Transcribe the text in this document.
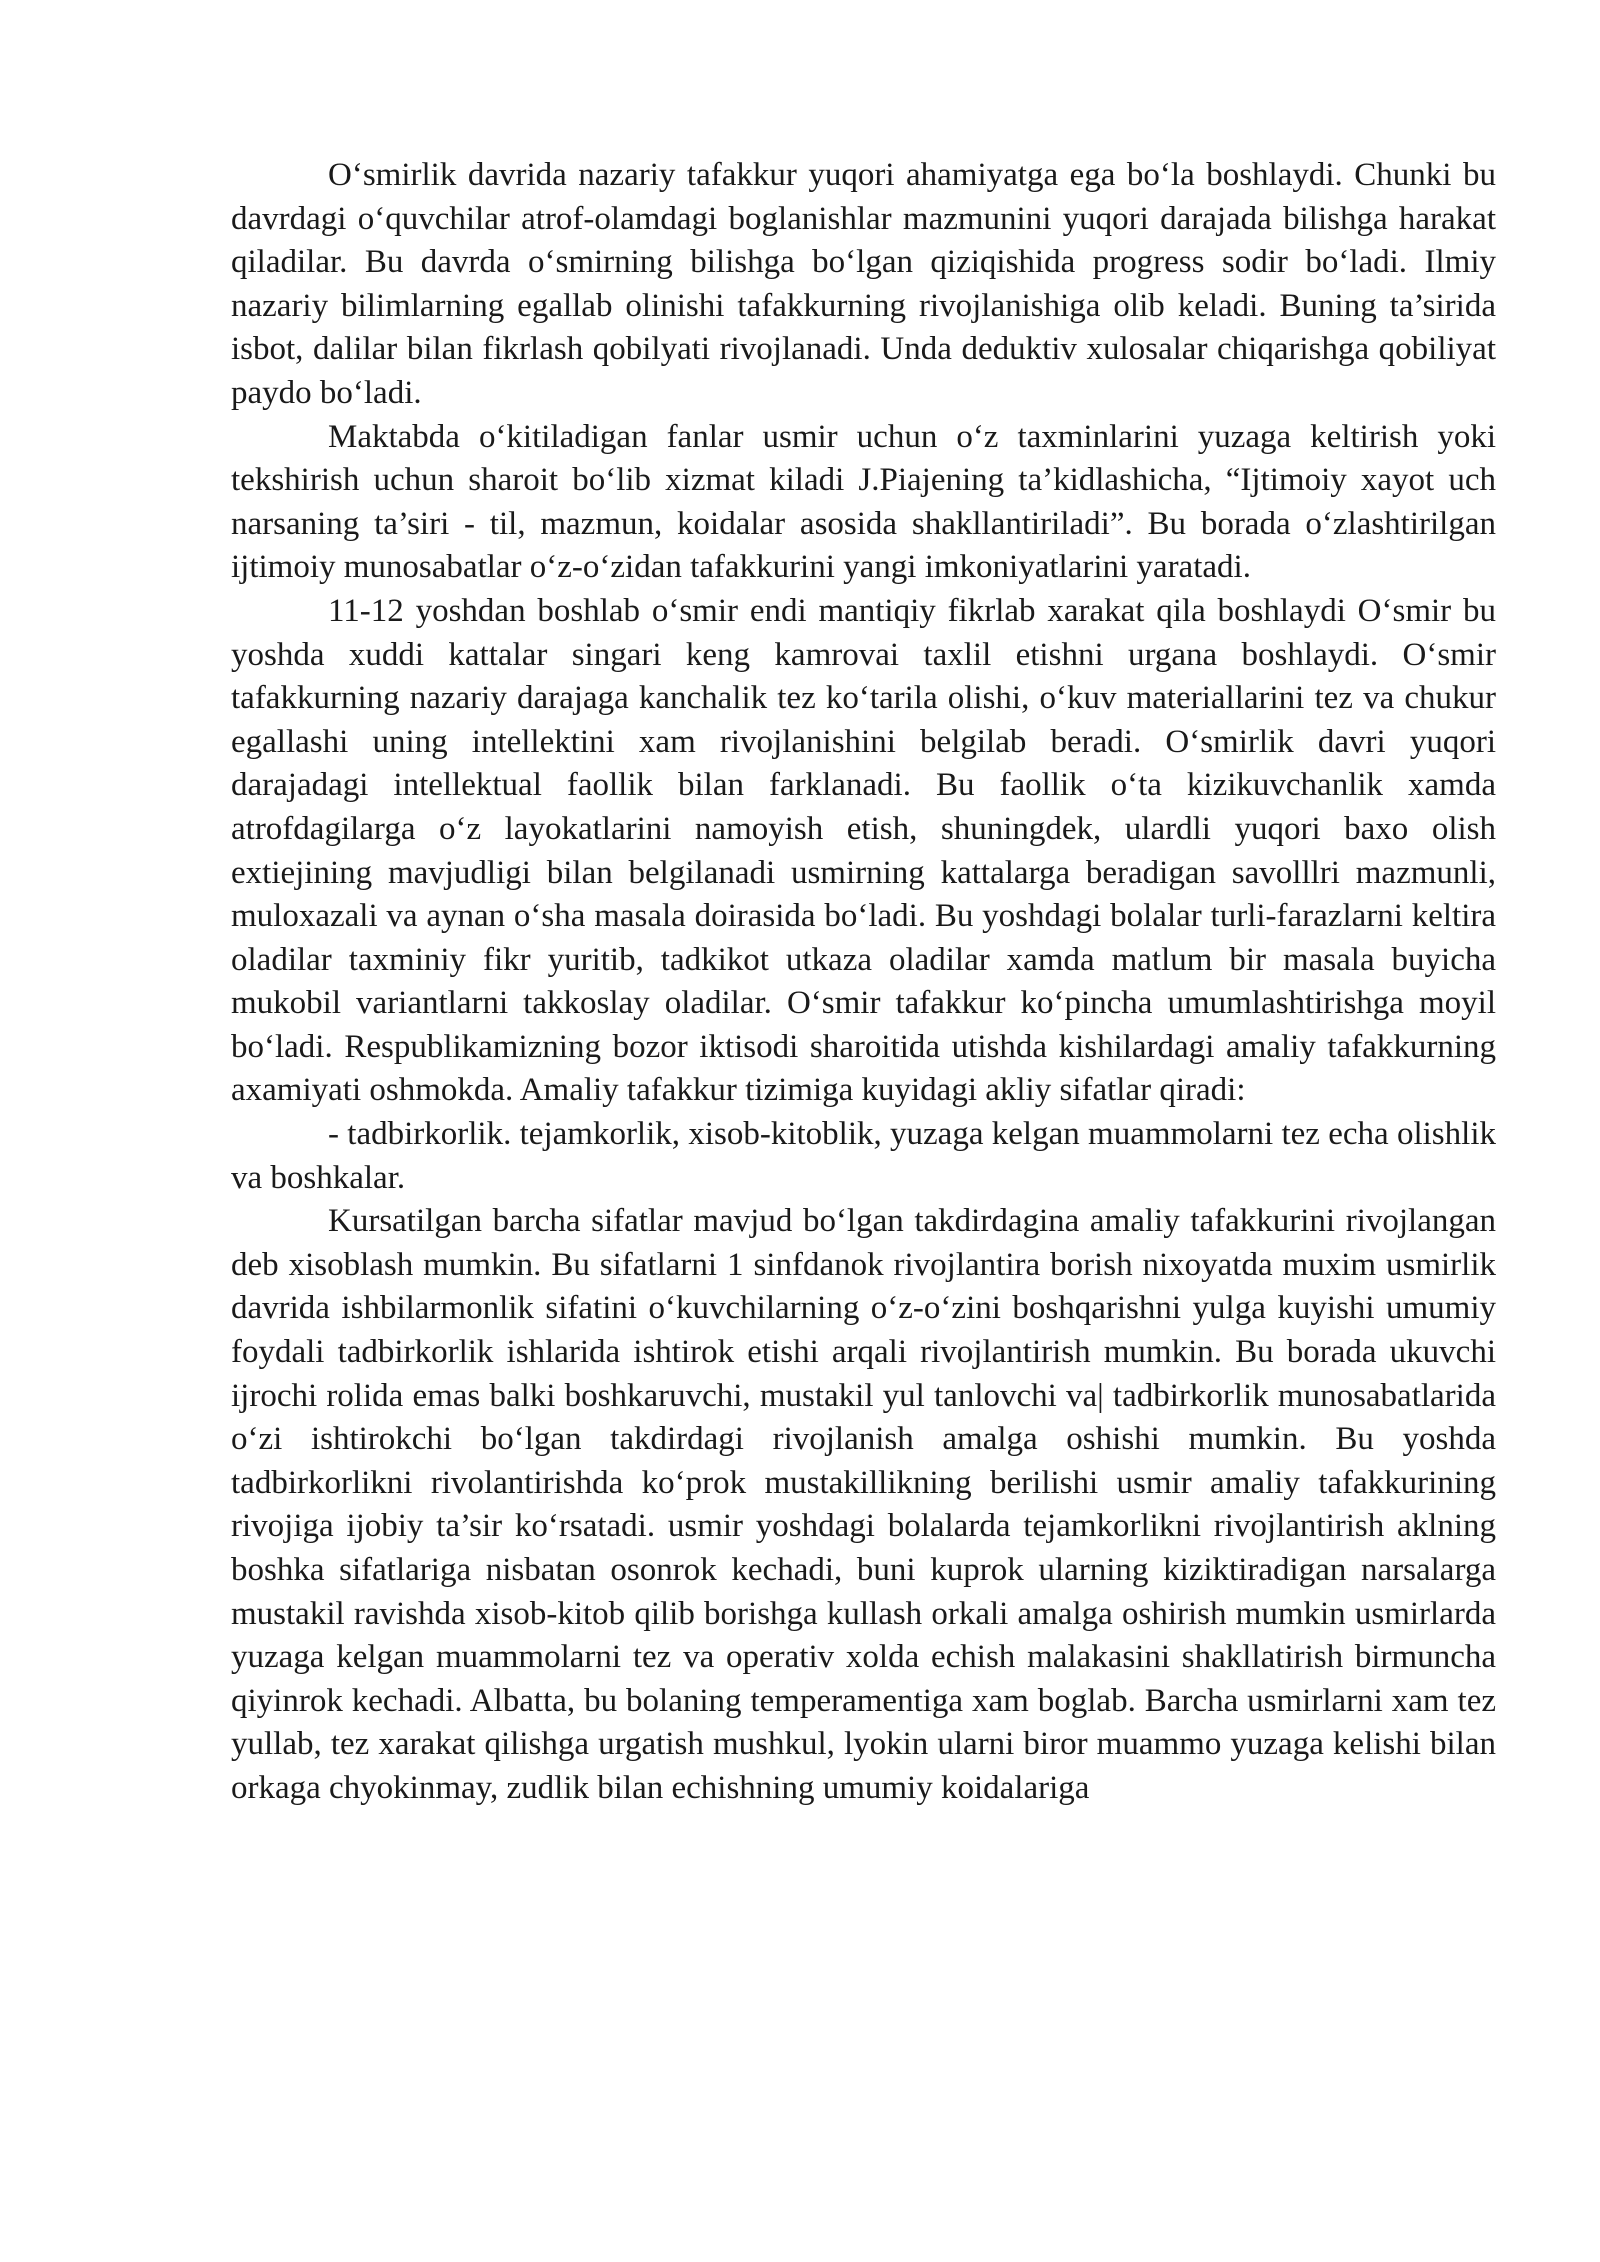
O‘smirlik davrida nazariy tafakkur yuqori ahamiyatga ega bo‘la boshlaydi. Chunki bu davrdagi o‘quvchilar atrof-olamdagi boglanishlar mazmunini yuqori darajada bilishga harakat qiladilar. Bu davrda o‘smirning bilishga bo‘lgan qiziqishida progress sodir bo‘ladi. Ilmiy nazariy bilimlarning egallab olinishi tafakkurning rivojlanishiga olib keladi. Buning ta’sirida isbot, dalilar bilan fikrlash qobilyati rivojlanadi. Unda deduktiv xulosalar chiqarishga qobiliyat paydo bo‘ladi.

Maktabda o‘kitiladigan fanlar usmir uchun o‘z taxminlarini yuzaga keltirish yoki tekshirish uchun sharoit bo‘lib xizmat kiladi J.Piajening ta’kidlashicha, “Ijtimoiy xayot uch narsaning ta’siri - til, mazmun, koidalar asosida shakllantiriladi”. Bu borada o‘zlashtirilgan ijtimoiy munosabatlar o‘z-o‘zidan tafakkurini yangi imkoniyatlarini yaratadi.

11-12 yoshdan boshlab o‘smir endi mantiqiy fikrlab xarakat qila boshlaydi O‘smir bu yoshda xuddi kattalar singari keng kamrovai taxlil etishni urgana boshlaydi. O‘smir tafakkurning nazariy darajaga kanchalik tez ko‘tarila olishi, o‘kuv materiallarini tez va chukur egallashi uning intellektini xam rivojlanishini belgilab beradi. O‘smirlik davri yuqori darajadagi intellektual faollik bilan farklanadi. Bu faollik o‘ta kizikuvchanlik xamda atrofdagilarga o‘z layokatlarini namoyish etish, shuningdek, ulardli yuqori baxo olish extiejining mavjudligi bilan belgilanadi usmirning kattalarga beradigan savolllri mazmunli, muloxazali va aynan o‘sha masala doirasida bo‘ladi. Bu yoshdagi bolalar turli-farazlarni keltira oladilar taxminiy fikr yuritib, tadkikot utkaza oladilar xamda matlum bir masala buyicha mukobil variantlarni takkoslay oladilar. O‘smir tafakkur ko‘pincha umumlashtirishga moyil bo‘ladi. Respublikamizning bozor iktisodi sharoitida utishda kishilardagi amaliy tafakkurning axamiyati oshmokda. Amaliy tafakkur tizimiga kuyidagi akliy sifatlar qiradi:

- tadbirkorlik. tejamkorlik, xisob-kitoblik, yuzaga kelgan muammolarni tez echa olishlik va boshkalar.

Kursatilgan barcha sifatlar mavjud bo‘lgan takdirdagina amaliy tafakkurini rivojlangan deb xisoblash mumkin. Bu sifatlarni 1 sinfdanok rivojlantira borish nixoyatda muxim usmirlik davrida ishbilarmonlik sifatini o‘kuvchilarning o‘z-o‘zini boshqarishni yulga kuyishi umumiy foydali tadbirkorlik ishlarida ishtirok etishi arqali rivojlantirish mumkin. Bu borada ukuvchi ijrochi rolida emas balki boshkaruvchi, mustakil yul tanlovchi va| tadbirkorlik munosabatlarida o‘zi ishtirokchi bo‘lgan takdirdagi rivojlanish amalga oshishi mumkin. Bu yoshda tadbirkorlikni rivolantirishda ko‘prok mustakillikning berilishi usmir amaliy tafakkurining rivojiga ijobiy ta’sir ko‘rsatadi. usmir yoshdagi bolalarda tejamkorlikni rivojlantirish aklning boshka sifatlariga nisbatan osonrok kechadi, buni kuprok ularning kiziktiradigan narsalarga mustakil ravishda xisob-kitob qilib borishga kullash orkali amalga oshirish mumkin usmirlarda yuzaga kelgan muammolarni tez va operativ xolda echish malakasini shakllatirish birmuncha qiyinrok kechadi. Albatta, bu bolaning temperamentiga xam boglab. Barcha usmirlarni xam tez yullab, tez xarakat qilishga urgatish mushkul, lyokin ularni biror muammo yuzaga kelishi bilan orkaga chyokinmay, zudlik bilan echishning umumiy koidalariga
